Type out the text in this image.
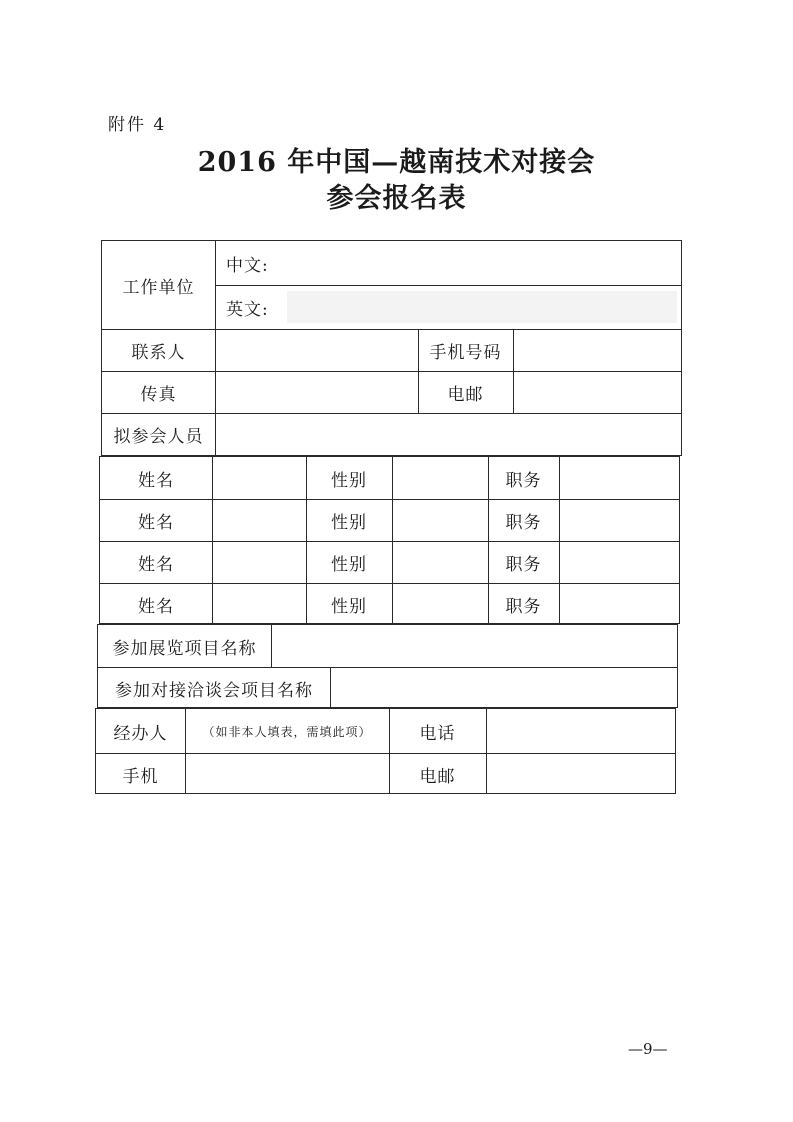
附件 4
2016 年中国—越南技术对接会
参会报名表
工作单位
中文:
英文:
联系人	手机号码
传真	电邮
拟参会人员
姓名	性别	职务
姓名	性别	职务
姓名	性别	职务
姓名	性别	职务
参加展览项目名称
参加对接洽谈会项目名称
经办人	（如非本人填表，需填此项）	电话
手机	电邮
—9—
